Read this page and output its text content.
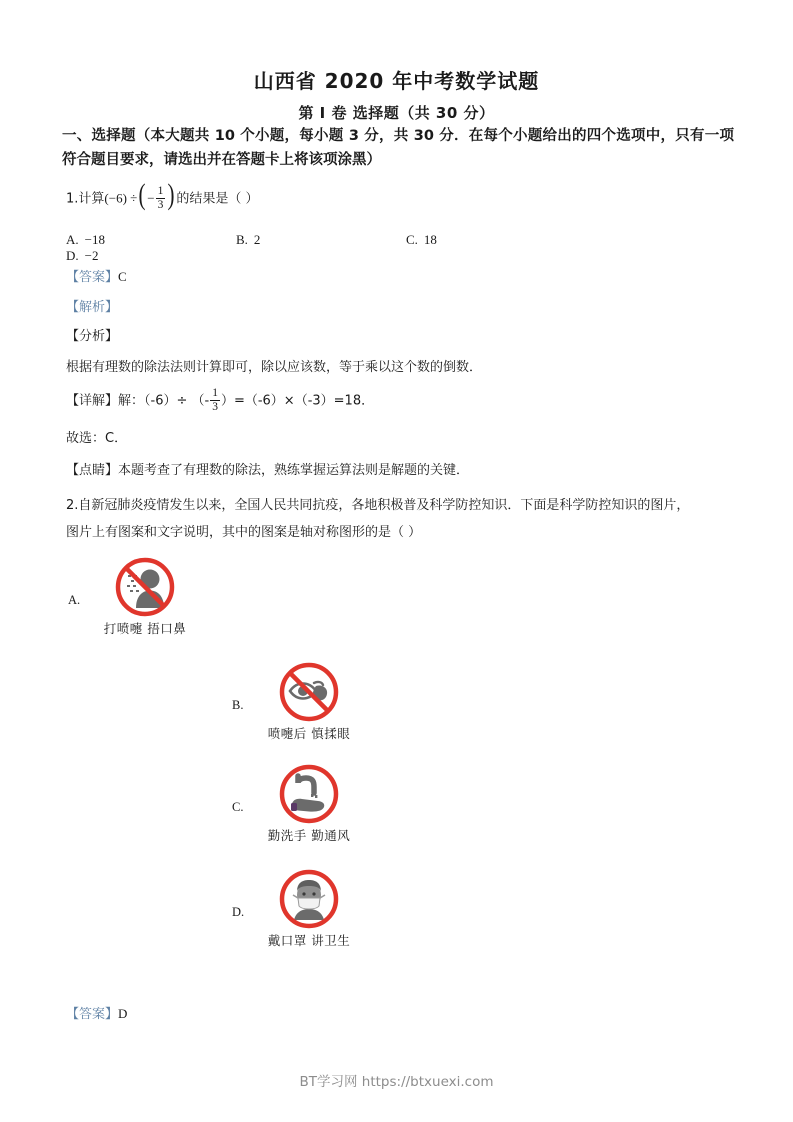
山西省 2020 年中考数学试题
第 I 卷 选择题（共 30 分）
一、选择题（本大题共 10 个小题，每小题 3 分，共 30 分．在每个小题给出的四个选项中，只有一项符合题目要求，请选出并在答题卡上将该项涂黑）
1.计算(−6) ÷( − $\frac{1}{3}$ ) 的结果是（ ）
A. −18	B. 2	C. 18D. −2
【答案】C
【解析】
【分析】
根据有理数的除法法则计算即可，除以应该数，等于乘以这个数的倒数．
【详解】解：（-6）÷ （- $\frac{1}{3} )=(-6)\times(-3)=18$．
故选：C．
【点睛】本题考查了有理数的除法，熟练掌握运算法则是解题的关键．
2.自新冠肺炎疫情发生以来，全国人民共同抗疫，各地积极普及科学防控知识．下面是科学防控知识的图片，
图片上有图案和文字说明，其中的图案是轴对称图形的是（ ）
A.
打喷嚏 捂口鼻
B.
喷嚏后 慎揉眼
C.
勤洗手 勤通风
D.
戴口罩 讲卫生
【答案】D
BT学习网 https://btxuexi.com
